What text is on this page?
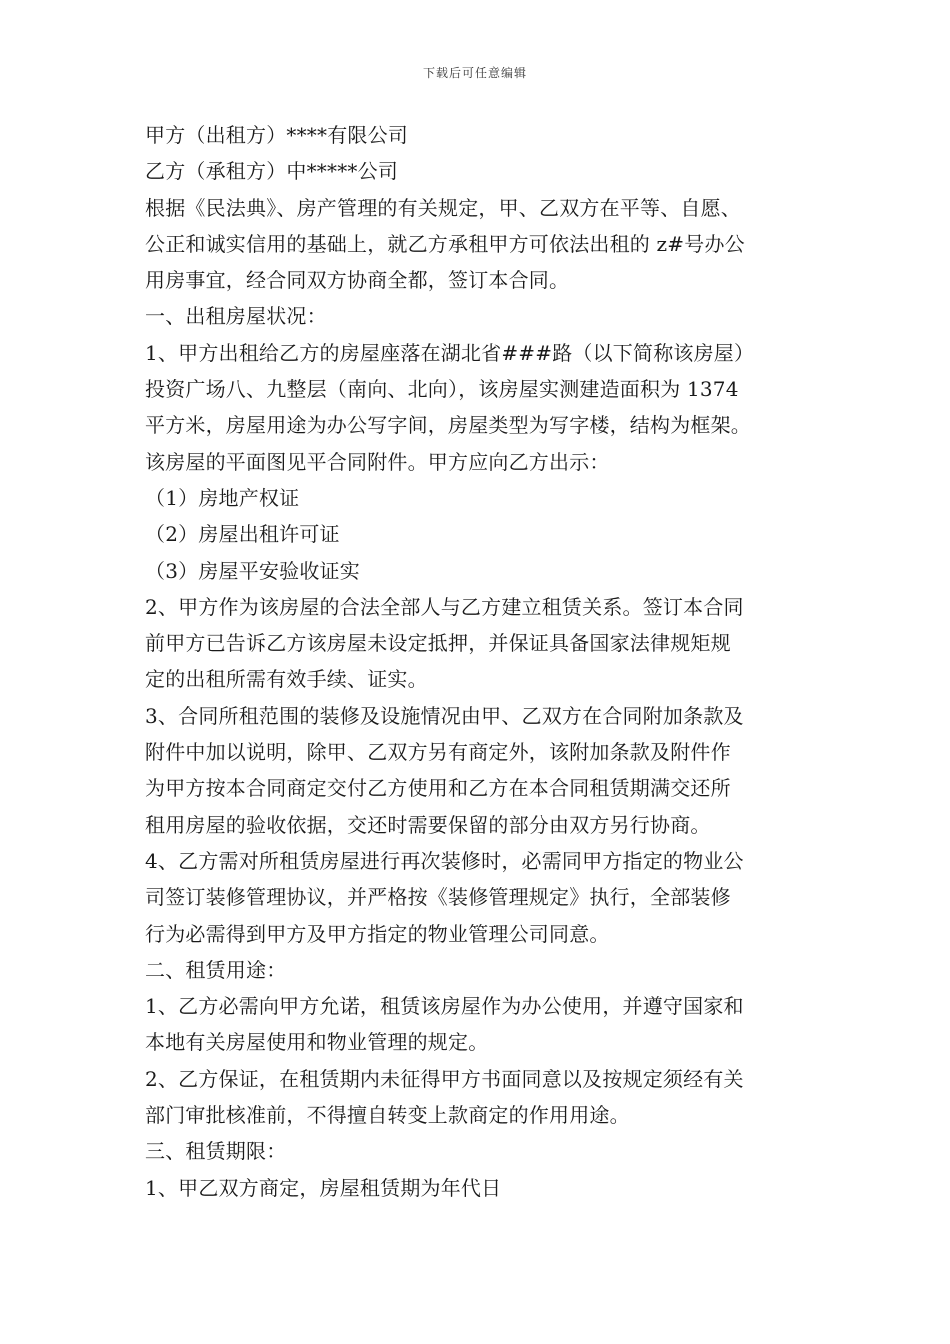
下载后可任意编辑
甲方（出租方）****有限公司
乙方（承租方）中*****公司
根据《民法典》、房产管理的有关规定，甲、乙双方在平等、自愿、
公正和诚实信用的基础上，就乙方承租甲方可依法出租的 z#号办公
用房事宜，经合同双方协商全都，签订本合同。
一、出租房屋状况：
1、甲方出租给乙方的房屋座落在湖北省###路（以下简称该房屋）
投资广场八、九整层（南向、北向），该房屋实测建造面积为 1374
平方米，房屋用途为办公写字间，房屋类型为写字楼，结构为框架。
该房屋的平面图见平合同附件。甲方应向乙方出示：
（1）房地产权证
（2）房屋出租许可证
（3）房屋平安验收证实
2、甲方作为该房屋的合法全部人与乙方建立租赁关系。签订本合同
前甲方已告诉乙方该房屋未设定抵押，并保证具备国家法律规矩规
定的出租所需有效手续、证实。
3、合同所租范围的装修及设施情况由甲、乙双方在合同附加条款及
附件中加以说明，除甲、乙双方另有商定外，该附加条款及附件作
为甲方按本合同商定交付乙方使用和乙方在本合同租赁期满交还所
租用房屋的验收依据，交还时需要保留的部分由双方另行协商。
4、乙方需对所租赁房屋进行再次装修时，必需同甲方指定的物业公
司签订装修管理协议，并严格按《装修管理规定》执行，全部装修
行为必需得到甲方及甲方指定的物业管理公司同意。
二、租赁用途：
1、乙方必需向甲方允诺，租赁该房屋作为办公使用，并遵守国家和
本地有关房屋使用和物业管理的规定。
2、乙方保证，在租赁期内未征得甲方书面同意以及按规定须经有关
部门审批核准前，不得擅自转变上款商定的作用用途。
三、租赁期限：
1、甲乙双方商定，房屋租赁期为年代日
